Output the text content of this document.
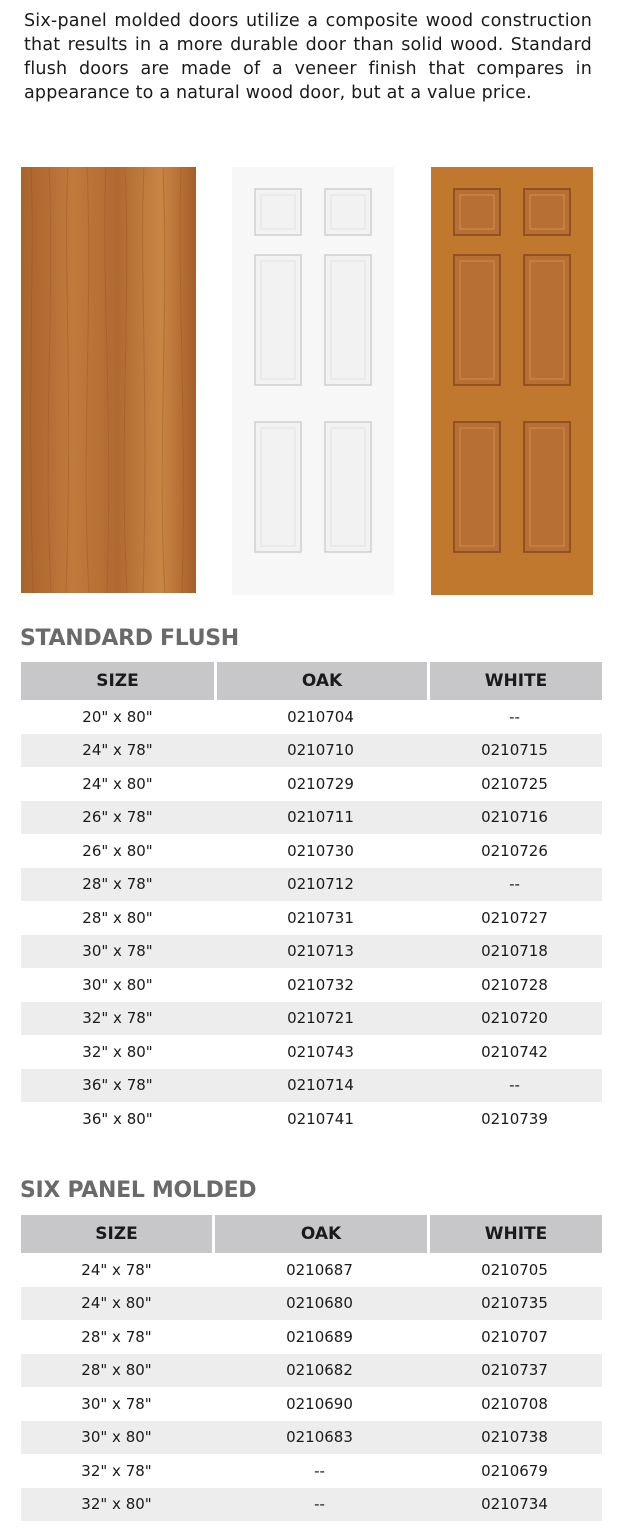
Six-panel molded doors utilize a composite wood construction that results in a more durable door than solid wood. Standard flush doors are made of a veneer finish that compares in appearance to a natural wood door, but at a value price.

STANDARD FLUSH
SIZE	OAK	WHITE
20" x 80"	0210704	--
24" x 78"	0210710	0210715
24" x 80"	0210729	0210725
26" x 78"	0210711	0210716
26" x 80"	0210730	0210726
28" x 78"	0210712	--
28" x 80"	0210731	0210727
30" x 78"	0210713	0210718
30" x 80"	0210732	0210728
32" x 78"	0210721	0210720
32" x 80"	0210743	0210742
36" x 78"	0210714	--
36" x 80"	0210741	0210739
SIX PANEL MOLDED
SIZE	OAK	WHITE
24" x 78"	0210687	0210705
24" x 80"	0210680	0210735
28" x 78"	0210689	0210707
28" x 80"	0210682	0210737
30" x 78"	0210690	0210708
30" x 80"	0210683	0210738
32" x 78"	--	0210679
32" x 80"	--	0210734
